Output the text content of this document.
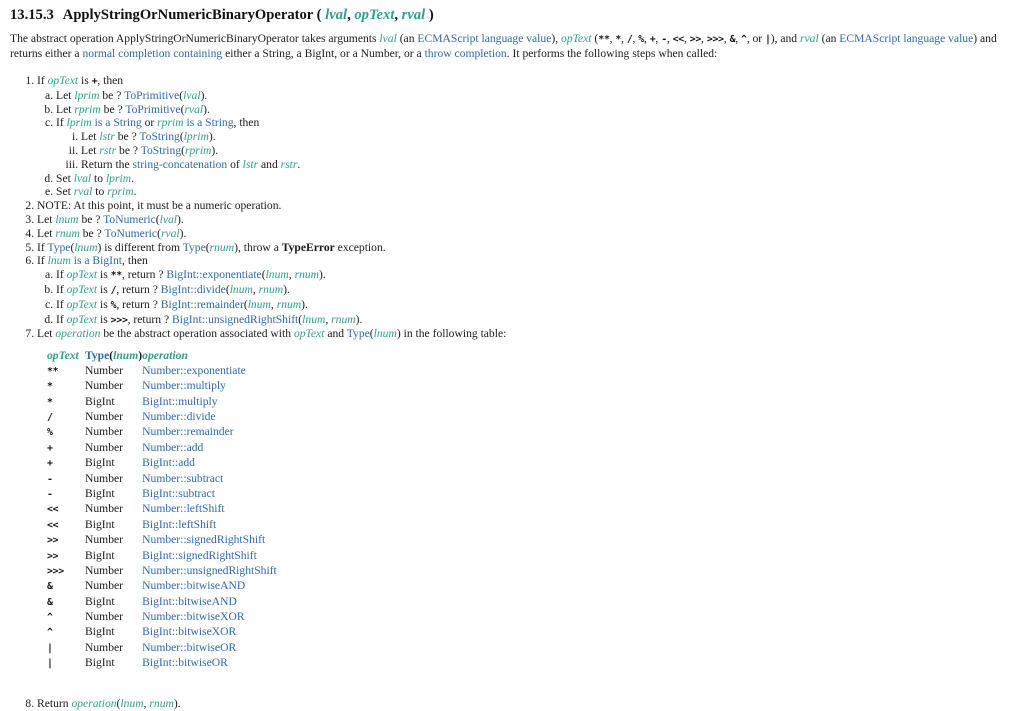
13.15.3 ApplyStringOrNumericBinaryOperator ( lval, opText, rval )

The abstract operation ApplyStringOrNumericBinaryOperator takes arguments lval (an ECMAScript language value), opText (**, *, /, %, +, -, <<, >>, >>>, &, ^, or |), and rval (an ECMAScript language value) and returns either a normal completion containing either a String, a BigInt, or a Number, or a throw completion. It performs the following steps when called:

1. If opText is +, then
a. Let lprim be ? ToPrimitive(lval).
b. Let rprim be ? ToPrimitive(rval).
c. If lprim is a String or rprim is a String, then
i. Let lstr be ? ToString(lprim).
ii. Let rstr be ? ToString(rprim).
iii. Return the string-concatenation of lstr and rstr.
d. Set lval to lprim.
e. Set rval to rprim.
2. NOTE: At this point, it must be a numeric operation.
3. Let lnum be ? ToNumeric(lval).
4. Let rnum be ? ToNumeric(rval).
5. If Type(lnum) is different from Type(rnum), throw a TypeError exception.
6. If lnum is a BigInt, then
a. If opText is **, return ? BigInt::exponentiate(lnum, rnum).
b. If opText is /, return ? BigInt::divide(lnum, rnum).
c. If opText is %, return ? BigInt::remainder(lnum, rnum).
d. If opText is >>>, return ? BigInt::unsignedRightShift(lnum, rnum).
7. Let operation be the abstract operation associated with opText and Type(lnum) in the following table:
opText	Type(lnum)	operation
**	Number	Number::exponentiate
*	Number	Number::multiply
*	BigInt	BigInt::multiply
/	Number	Number::divide
%	Number	Number::remainder
+	Number	Number::add
+	BigInt	BigInt::add
-	Number	Number::subtract
-	BigInt	BigInt::subtract
<<	Number	Number::leftShift
<<	BigInt	BigInt::leftShift
>>	Number	Number::signedRightShift
>>	BigInt	BigInt::signedRightShift
>>>	Number	Number::unsignedRightShift
&	Number	Number::bitwiseAND
&	BigInt	BigInt::bitwiseAND
^	Number	Number::bitwiseXOR
^	BigInt	BigInt::bitwiseXOR
|	Number	Number::bitwiseOR
|	BigInt	BigInt::bitwiseOR
8. Return operation(lnum, rnum).
